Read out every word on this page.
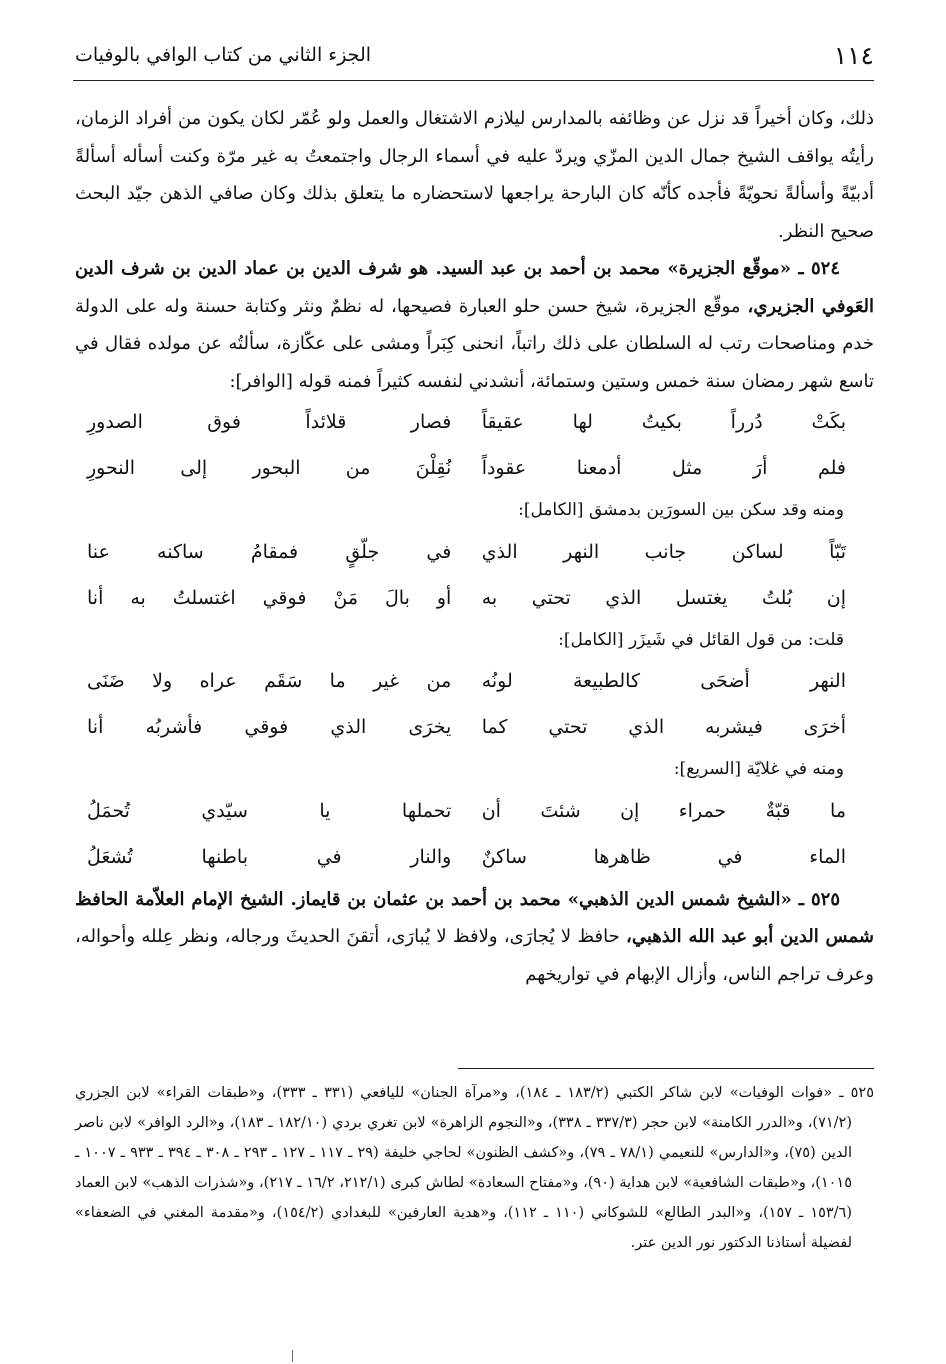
١١٤
الجزء الثاني من كتاب الوافي بالوفيات

ذلك، وكان أخيراً قد نزل عن وظائفه بالمدارس ليلازم الاشتغال والعمل ولو عُمّر لكان يكون من أفراد الزمان، رأيتُه يواقف الشيخ جمال الدين المزّي ويردّ عليه في أسماء الرجال واجتمعتُ به غير مرّة وكنت أسأله أسألةً أدبيّةً وأسألةً نحويّةً فأجده كأنّه كان البارحة يراجعها لاستحضاره ما يتعلق بذلك وكان صافي الذهن جيّد البحث صحيح النظر.

٥٢٤ ـ «موقّع الجزيرة» محمد بن أحمد بن عبد السيد. هو شرف الدين بن عماد الدين بن شرف الدين العَوفي الجزيري، موقّع الجزيرة، شيخ حسن حلو العبارة فصيحها، له نظمٌ ونثر وكتابة حسنة وله على الدولة خدم ومناصحات رتب له السلطان على ذلك راتباً، انحنى كِبَراً ومشى على عكّازة، سألتُه عن مولده فقال في تاسع شهر رمضان سنة خمس وستين وستمائة، أنشدني لنفسه كثيراً فمنه قوله [الوافر]:

بكَتْ دُرراً بكيتُ لها عقيقاً
فصار قلائداً فوق الصدورِ
فلم أرَ مثل أدمعنا عقوداً
نُقِلْنَ من البحور إلى النحورِ

ومنه وقد سكن بين السورَين بدمشق [الكامل]:

تَبّاً لساكن جانب النهر الذي
في جلّقٍ فمقامُ ساكنه عنا
إن بُلتُ يغتسل الذي تحتي به
أو بالَ مَنْ فوقي اغتسلتُ به أنا

قلت: من قول القائل في شَيزَر [الكامل]:

النهر أضحَى كالطبيعة لونُه
من غير ما سَقَم عراه ولا ضَنَى
أخرَى فيشربه الذي تحتي كما
يخرَى الذي فوقي فأشربُه أنا

ومنه في غلايّة [السريع]:

ما قبّةٌ حمراء إن شئتَ أن
تحملها يا سيّدي تُحمَلُ
الماء في ظاهرها ساكنٌ
والنار في باطنها تُشعَلُ

٥٢٥ ـ «الشيخ شمس الدين الذهبي» محمد بن أحمد بن عثمان بن قايماز. الشيخ الإمام العلاّمة الحافظ شمس الدين أبو عبد الله الذهبي، حافظ لا يُجارَى، ولافظ لا يُبارَى، أتقنَ الحديثَ ورجاله، ونظر عِلله وأحواله، وعرف تراجم الناس، وأزال الإبهام في تواريخهم

٥٢٥ ـ «فوات الوفيات» لابن شاكر الكتبي (١٨٣/٢ ـ ١٨٤)، و«مرآة الجنان» لليافعي (٣٣١ ـ ٣٣٣)، و«طبقات القراء» لابن الجزري (٧١/٢)، و«الدرر الكامنة» لابن حجر (٣٣٧/٣ ـ ٣٣٨)، و«النجوم الزاهرة» لابن تغري بردي (١٨٢/١٠ ـ ١٨٣)، و«الرد الوافر» لابن ناصر الدين (٧٥)، و«الدارس» للنعيمي (٧٨/١ ـ ٧٩)، و«كشف الظنون» لحاجي خليفة (٢٩ ـ ١١٧ ـ ١٢٧ ـ ٢٩٣ ـ ٣٠٨ ـ ٣٩٤ ـ ٩٣٣ ـ ١٠٠٧ ـ ١٠١٥)، و«طبقات الشافعية» لابن هداية (٩٠)، و«مفتاح السعادة» لطاش كبرى (٢١٢/١، ١٦/٢ ـ ٢١٧)، و«شذرات الذهب» لابن العماد (١٥٣/٦ ـ ١٥٧)، و«البدر الطالع» للشوكاني (١١٠ ـ ١١٢)، و«هدية العارفين» للبغدادي (١٥٤/٢)، و«مقدمة المغني في الضعفاء» لفضيلة أستاذنا الدكتور نور الدين عتر.
